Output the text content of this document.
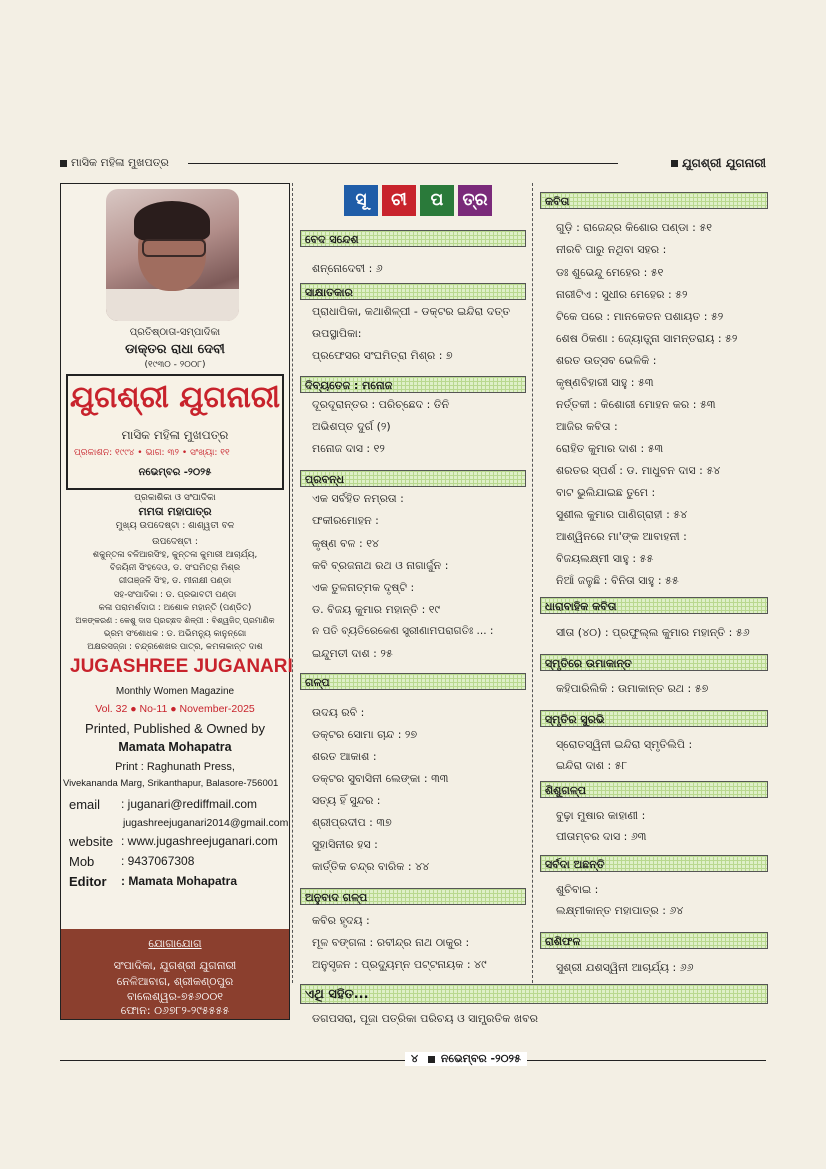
ମାସିକ ମହିଳା ମୁଖପତ୍ର	ଯୁଗଶ୍ରୀ ଯୁଗନାରୀ
ପ୍ରତିଷ୍ଠାତା-ସମ୍ପାଦିକା
ଡାକ୍ତର ରାଧା ଦେବୀ
(୧୯୩୦ - ୨୦୦୮)
ଯୁଗଶ୍ରୀ ଯୁଗନାରୀ
ମାସିକ ମହିଳା ମୁଖପତ୍ର
ପ୍ରକାଶନ: ୧୯୯୪ • ଭାଗ: ୩୨ • ସଂଖ୍ୟା: ୧୧
ନଭେମ୍ବର -୨୦୨୫
ପ୍ରକାଶିକା ଓ ସଂପାଦିକା
ମମତା ମହାପାତ୍ର
ମୁଖ୍ୟ ଉପଦେଷ୍ଟା : ଶାଶ୍ୱତୀ ବଳ
ଉପଦେଷ୍ଟା :
ଶକୁନ୍ତଳା ବଳିଆରସିଂହ, କୁନ୍ତଳା କୁମାରୀ ଆଚାର୍ଯ୍ୟ,
ବିଜୟିନୀ ସିଂହଦେଓ, ଡ. ସଂଘମିତ୍ରା ମିଶ୍ର
ଗୀତାଞ୍ଜଳି ସିଂହ, ଡ. ମୀନାକ୍ଷୀ ପଣ୍ଡା
ସହ-ସଂପାଦିକା : ଡ. ପ୍ରଭାବତୀ ପଣ୍ଡା
କଳା ପରାମର୍ଶଦାତା : ଅଶୋକ ମହାନ୍ତି (ପଣ୍ଡିତ)
ଅଳଙ୍କରଣ : କେଶୁ ଦାସ ପ୍ରଚ୍ଛଦ ଶିଳ୍ପୀ : ବିଶ୍ୱଜିତ୍ ପ୍ରମାଣିକ
ଭ୍ରମ ସଂଶୋଧକ : ଡ. ଅଭିମନ୍ୟୁ କାନୁନ୍‌ଗୋ
ଅକ୍ଷରସଜ୍ଜା : ଚନ୍ଦ୍ରଶେଖର ପାତ୍ର, କମଳାକାନ୍ତ ଦାଶ
JUGASHREE JUGANARI
Monthly Women Magazine
Vol. 32 ● No-11 ● November-2025
Printed, Published & Owned by
Mamata Mohapatra
Print : Raghunath Press,
Vivekananda Marg, Srikanthapur, Balasore-756001
email : juganari@rediffmail.com
jugashreejuganari2014@gmail.com
website : www.jugashreejuganari.com
Mob : 9437067308
Editor : Mamata Mohapatra
ଯୋଗାଯୋଗ
ସଂପାଦିକା, ଯୁଗଶ୍ରୀ ଯୁଗନାରୀ
ନେଳିଆବାଗ, ଶ୍ରୀକଣ୍ଠପୁର
ବାଲେଶ୍ୱର-୭୫୬୦୦୧
ଫୋନ: ୦୬୭୮୨-୨୯୫୫୫୫
ସୂ ଚୀ ପ ତ୍ର
ବେଦ ସନ୍ଦେଶ
ଶନ୍ନୋଦେବୀ : ୬
ସାକ୍ଷାତକାର
ପ୍ରାଧାପିକା, କଥାଶିଳ୍ପୀ - ଡକ୍ଟର ଇନ୍ଦିରା ଦତ୍ତ
ଉପସ୍ଥାପିକା:
ପ୍ରଫେସର ସଂଘମିତ୍ରା ମିଶ୍ର : ୭
ଦିବ୍ୟତେଜ : ମନୋଜ
ଦୂରଦୂରାନ୍ତର : ପରିଚ୍ଛେଦ : ତିନି
ଅଭିଶପ୍ତ ଦୁର୍ଗ (୨)
ମନୋଜ ଦାସ : ୧୨
ପ୍ରବନ୍ଧ
ଏକ ସର୍ବହିତ ନମ୍ରତା :
ଫକୀରମୋହନ :
କୃଷ୍ଣ ବଳ : ୧୪
କବି ବ୍ରଜନାଥ ରଥ ଓ ନାଗାର୍ଜୁନ :
ଏକ ତୁଳନାତ୍ମକ ଦୃଷ୍ଟି :
ଡ. ବିଜୟ କୁମାର ମହାନ୍ତି : ୧୯
ନ ପତି ବ୍ୟତିରେକେଣ ସ୍ତ୍ରୀଣାମପରାଗତିଃ ... :
ଇନ୍ଦୁମତୀ ଦାଶ : ୨୫
ଗଳ୍ପ
ଉଦୟ ରବି :
ଡକ୍ଟର ସୋମା ଚାନ୍ଦ : ୨୭
ଶରତ ଆକାଶ :
ଡକ୍ଟର ସୁବାସିନୀ ଲେଙ୍କା : ୩୩
ସତ୍ୟ ହିଁ ସୁନ୍ଦର :
ଶ୍ରୀପ୍ରଦୀପ : ୩୭
ସୁହାସିନୀର ହସ :
କାର୍ତ୍ତିକ ଚନ୍ଦ୍ର ବାରିକ : ୪୪
ଅନୁବାଦ ଗଳ୍ପ
କବିର ହୃଦୟ :
ମୂଳ ବଙ୍ଗଳା : ରବୀନ୍ଦ୍ର ନାଥ ଠାକୁର :
ଅନୁସୃଜନ : ପ୍ରଦ୍ୟୁମ୍ନ ପଟ୍ଟନାୟକ : ୪୯
କବିତା
ଗୁଡ଼ି : ରାଜେନ୍ଦ୍ର କିଶୋର ପଣ୍ଡା : ୫୧
ନୀରବି ପାରୁ ନଥିବା ସହର :
ଡଃ ଶୁଭେନ୍ଦୁ ମେହେର : ୫୧
ନାରୀଟିଏ : ସୁଧୀର ମେହେର : ୫୨
ଟିକେ ପରେ : ମାନକେତନ ପଶାୟତ : ୫୨
ଶେଷ ଠିକଣା : ଜ୍ୟୋତ୍ସ୍ନା ସାମନ୍ତରାୟ : ୫୨
ଶରତ ଉତ୍ସବ ଭେଳିକି :
କୃଷ୍ଣବିହାରୀ ସାହୁ : ୫୩
ନର୍ତ୍ତକୀ : କିଶୋରୀ ମୋହନ କର : ୫୩
ଆଜିର କବିତା :
ରୋହିତ କୁମାର ଦାଶ : ୫୩
ଶରତର ସ୍ପର୍ଶ : ଡ. ମାଧୁବନ ଦାସ : ୫୪
ବାଟ ଭୁଲିଯାଇଛ ତୁମେ :
ସୁଶୀଲ କୁମାର ପାଣିଗ୍ରାହୀ : ୫୪
ଆଶ୍ୱିନରେ ମା'ଙ୍କ ଆବାହନୀ :
ବିଜୟଲକ୍ଷ୍ମୀ ସାହୁ : ୫୫
ନିଆଁ ଜଳୁଛି : ବିନିତା ସାହୁ : ୫୫
ଧାରାବାହିକ କବିତା
ସୀତା (୪୦) : ପ୍ରଫୁଲ୍ଲ କୁମାର ମହାନ୍ତି : ୫୬
ସ୍ମୃତିରେ ଉମାକାନ୍ତ
କହିପାରିଲିକି : ଉମାକାନ୍ତ ରଥ : ୫୭
ସ୍ମୃତିର ସୁରଭି
ସ୍ରୋତସ୍ୱିନୀ ଇନ୍ଦିରା ସ୍ମୃତିଲିପି :
ଇନ୍ଦିରା ଦାଶ : ୫୮
ଶିଶୁଗଳ୍ପ
ବୁଢ଼ା ମୁଷାର କାହାଣୀ :
ପୀତାମ୍ବର ଦାସ : ୬୩
ସର୍ବଦା ଅଛନ୍ତି
ଶୁଚିବାଇ :
ଲକ୍ଷ୍ମୀକାନ୍ତ ମହାପାତ୍ର : ୬୪
ରାଶିଫଳ
ସୁଶ୍ରୀ ଯଶସ୍ୱିନୀ ଆଚାର୍ଯ୍ୟ : ୬୬
ଏଥି ସହିତ...
ଡଗପସରା, ପୂଜା ପତ୍ରିକା ପରିଚୟ ଓ ସାମ୍ପ୍ରତିକ ଖବର
୪ ନଭେମ୍ବର -୨୦୨୫
